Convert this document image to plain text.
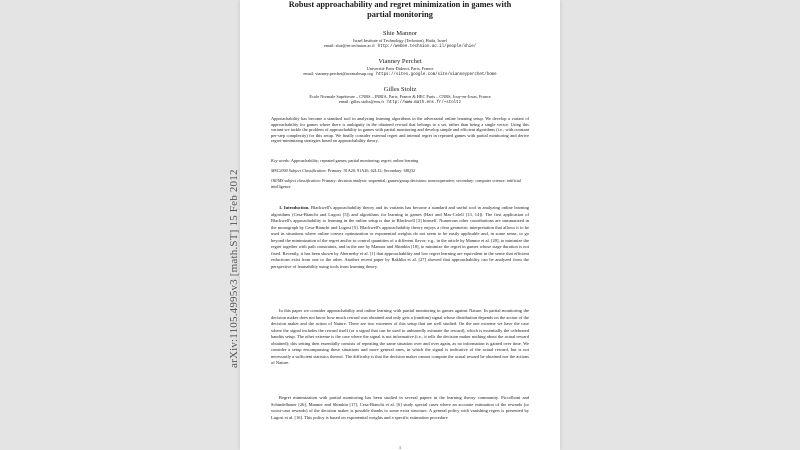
arXiv:1105.4995v3 [math.ST] 15 Feb 2012
Robust approachability and regret minimization in games with
partial monitoring
Shie Mannor
Israel Institute of Technology (Technion), Haifa, Israel
email: shie@ee.technion.ac.il http://webee.technion.ac.il/people/shie/
Vianney Perchet
Université Paris-Diderot, Paris, France
email: vianney.perchet@normalesup.org https://sites.google.com/site/vianneyperchet/home
Gilles Stoltz
Ecole Normale Supérieure – CNRS – INRIA, Paris, France & HEC Paris – CNRS, Jouy-en-Josas, France
email: gilles.stoltz@ens.fr http://www.math.ens.fr/~stoltz
Approachability has become a standard tool in analyzing learning algorithms in the adversarial online learning setup. We develop a variant of approachability for games where there is ambiguity in the obtained reward that belongs to a set, rather than being a single vector. Using this variant we tackle the problem of approachability in games with partial monitoring and develop simple and efficient algorithms (i.e., with constant per-step complexity) for this setup. We finally consider external regret and internal regret in repeated games with partial monitoring and derive regret-minimizing strategies based on approachability theory.
Key words: Approachability; repeated games; partial monitoring; regret; online learning
MSC2000 Subject Classification: Primary: 91A20, 91A26, 62L12; Secondary: 68Q32
OR/MS subject classification: Primary: decision analysis: sequential; games/group decisions: noncooperative; secondary: computer science: artificial intelligence
1. Introduction. Blackwell's approachability theory and its variants has become a standard and useful tool in analyzing online learning algorithms (Cesa-Bianchi and Lugosi [5]) and algorithms for learning in games (Hart and Mas-Colell [13, 14]). The first application of Blackwell's approachability to learning in the online setup is due to Blackwell [3] himself. Numerous other contributions are summarized in the monograph by Cesa-Bianchi and Lugosi [5]. Blackwell's approachability theory enjoys a clear geometric interpretation that allows it to be used in situations where online convex optimization or exponential weights do not seem to be easily applicable and, in some sense, to go beyond the minimization of the regret and/or to control quantities of a different flavor; e.g., in the article by Mannor et al. [20], to minimize the regret together with path constraints, and in the one by Mannor and Shimkin [18], to minimize the regret in games whose stage duration is not fixed. Recently, it has been shown by Abernethy et al. [1] that approachability and low regret learning are equivalent in the sense that efficient reductions exist from one to the other. Another recent paper by Rakhlin et al. [27] showed that approachability can be analyzed from the perspective of learnability using tools from learning theory.
In this paper we consider approachability and online learning with partial monitoring in games against Nature. In partial monitoring the decision maker does not know how much reward was obtained and only gets a (random) signal whose distribution depends on the action of the decision maker and the action of Nature. There are two extremes of this setup that are well studied. On the one extreme we have the case where the signal includes the reward itself (or a signal that can be used to unbiasedly estimate the reward), which is essentially the celebrated bandits setup. The other extreme is the case where the signal is not informative (i.e., it tells the decision maker nothing about the actual reward obtained); this setting then essentially consists of repeating the same situation over and over again, as no information is gained over time. We consider a setup encompassing these situations and more general ones, in which the signal is indicative of the actual reward, but is not necessarily a sufficient statistics thereof. The difficulty is that the decision maker cannot compute the actual reward he obtained nor the actions of Nature.
Regret minimization with partial monitoring has been studied in several papers in the learning theory community. Piccolboni and Schindelhauer [26], Mannor and Shimkin [17], Cesa-Bianchi et al. [6] study special cases where an accurate estimation of the rewards (or worst-case rewards) of the decision maker is possible thanks to some extra structure. A general policy with vanishing regret is presented by Lugosi et al. [16]. This policy is based on exponential weights and a specific estimation procedure
1
